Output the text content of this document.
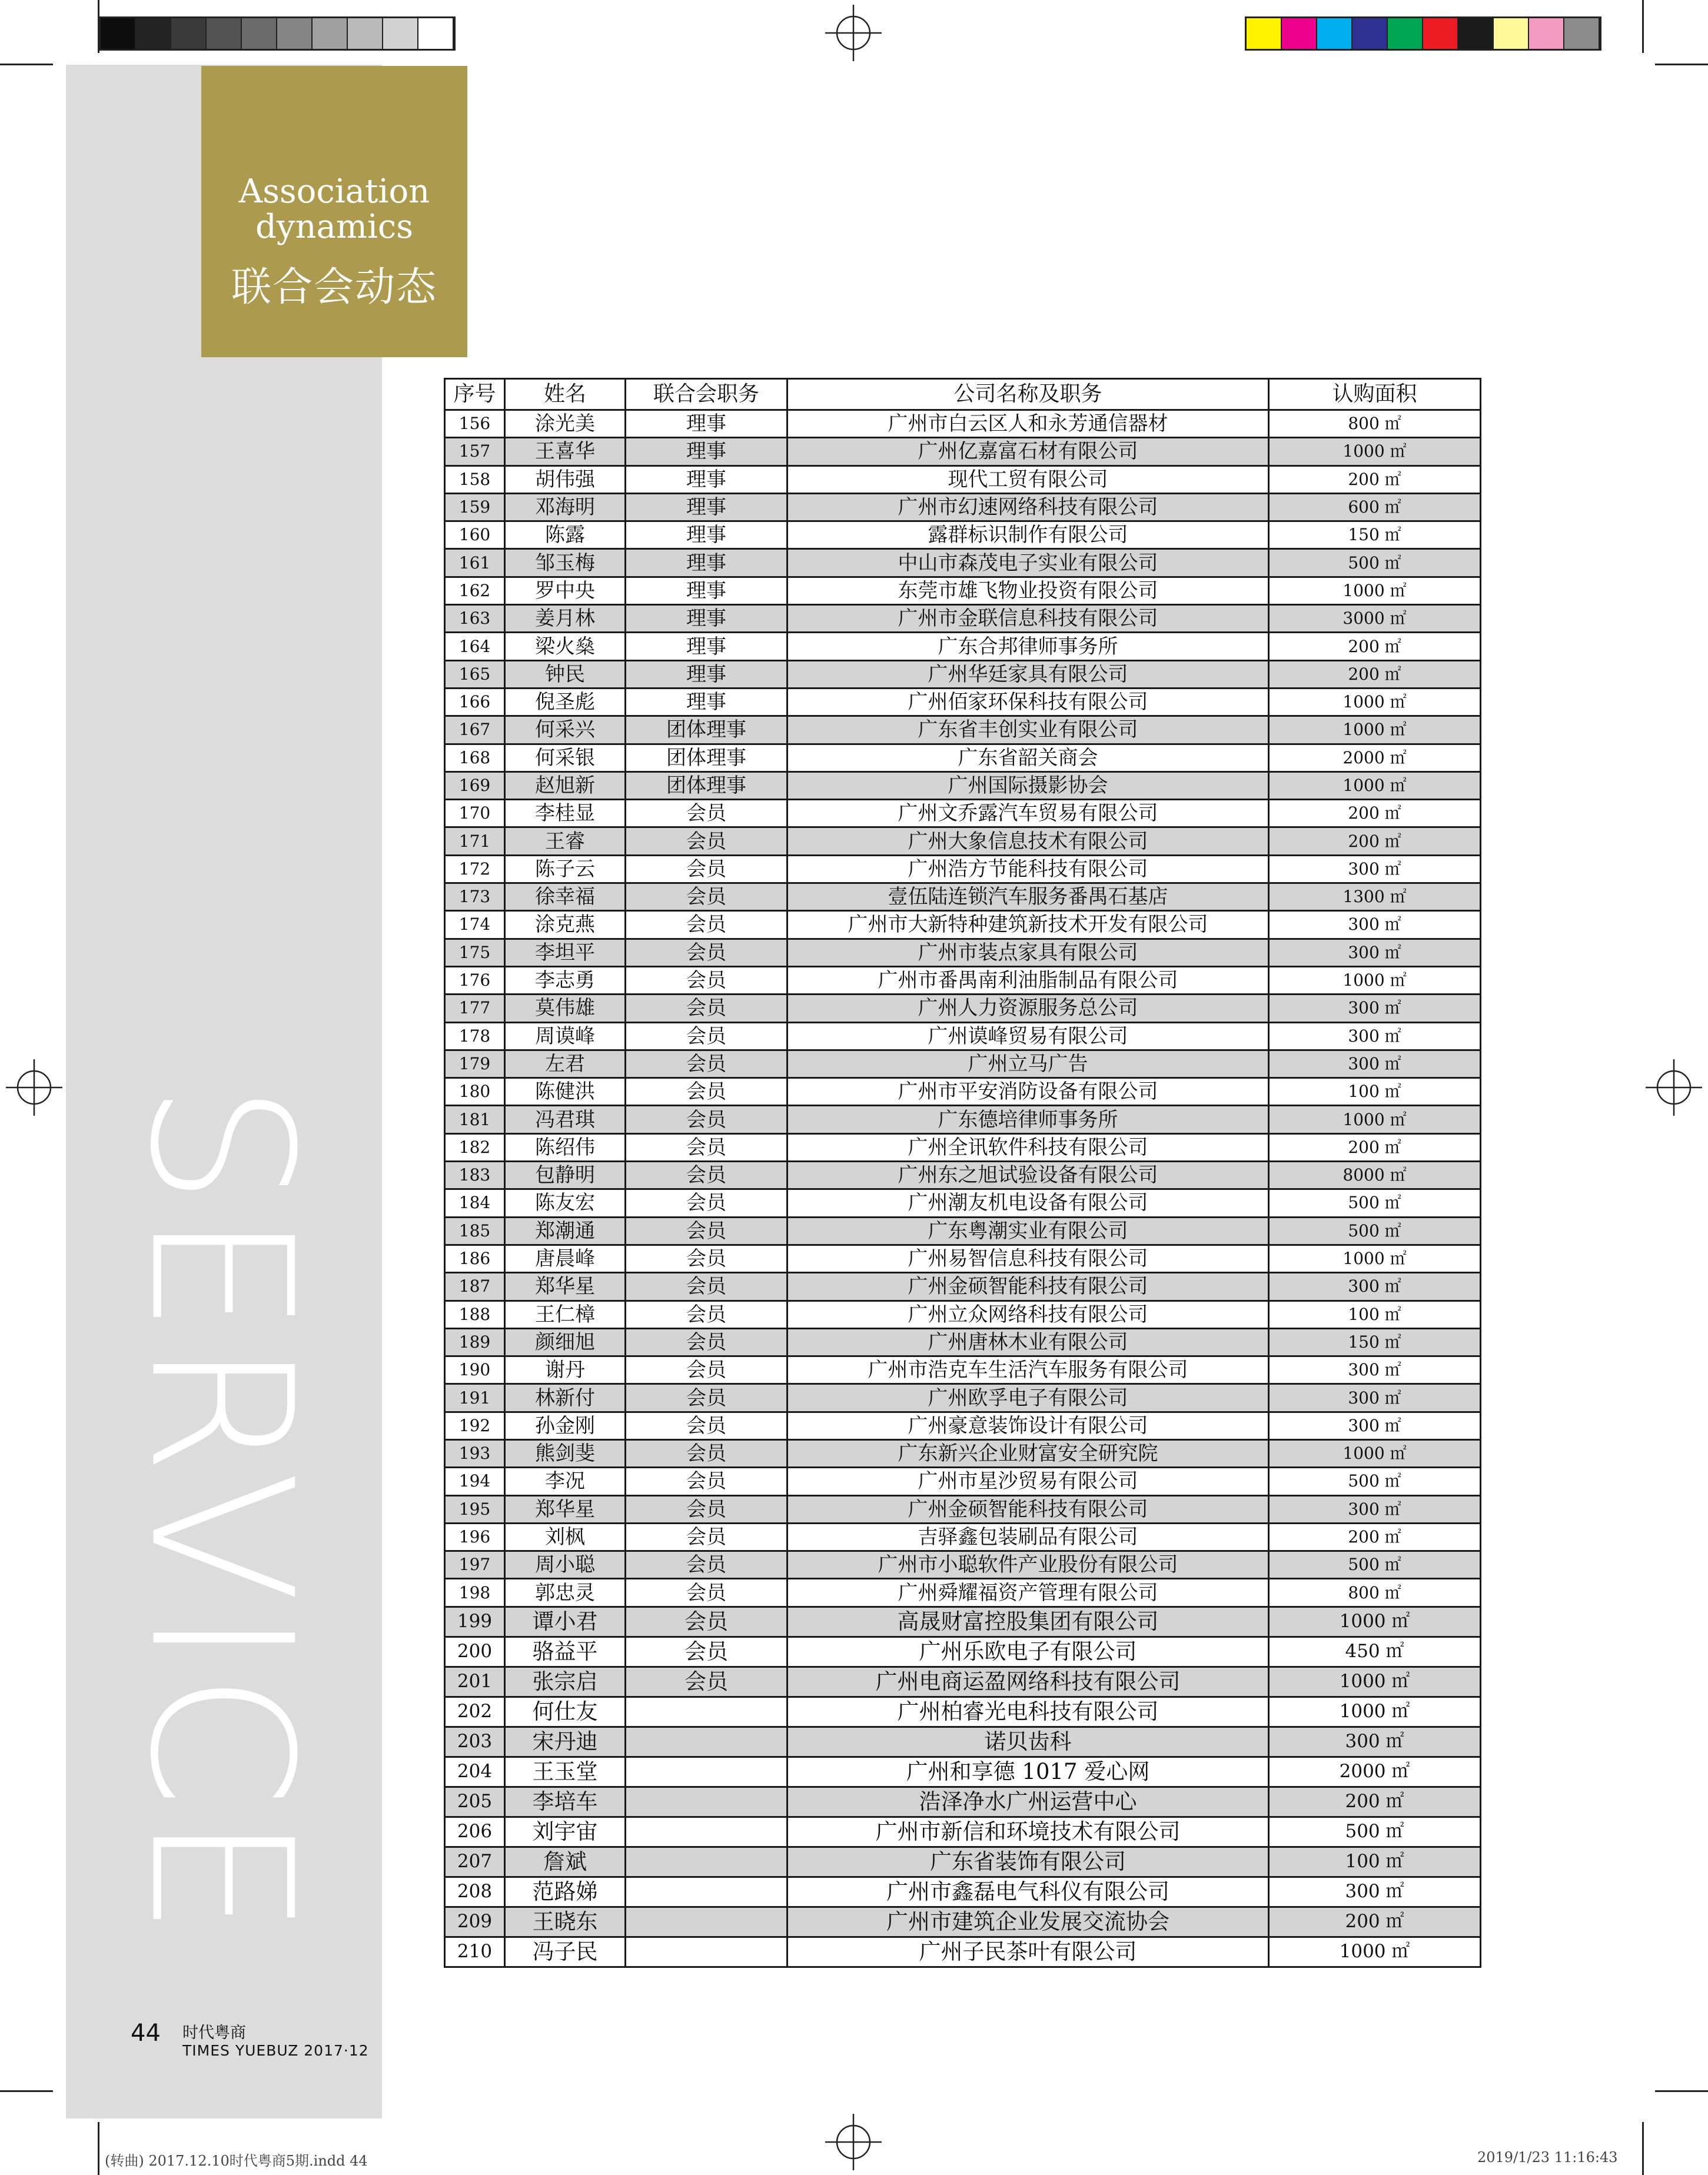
SERVICE
Association
dynamics
联合会动态
序号	姓名	联合会职务	公司名称及职务	认购面积
156	涂光美	理事	广州市白云区人和永芳通信器材	800 ㎡
157	王喜华	理事	广州亿嘉富石材有限公司	1000 ㎡
158	胡伟强	理事	现代工贸有限公司	200 ㎡
159	邓海明	理事	广州市幻速网络科技有限公司	600 ㎡
160	陈露	理事	露群标识制作有限公司	150 ㎡
161	邹玉梅	理事	中山市森茂电子实业有限公司	500 ㎡
162	罗中央	理事	东莞市雄飞物业投资有限公司	1000 ㎡
163	姜月林	理事	广州市金联信息科技有限公司	3000 ㎡
164	梁火燊	理事	广东合邦律师事务所	200 ㎡
165	钟民	理事	广州华廷家具有限公司	200 ㎡
166	倪圣彪	理事	广州佰家环保科技有限公司	1000 ㎡
167	何采兴	团体理事	广东省丰创实业有限公司	1000 ㎡
168	何采银	团体理事	广东省韶关商会	2000 ㎡
169	赵旭新	团体理事	广州国际摄影协会	1000 ㎡
170	李桂显	会员	广州文乔露汽车贸易有限公司	200 ㎡
171	王睿	会员	广州大象信息技术有限公司	200 ㎡
172	陈子云	会员	广州浩方节能科技有限公司	300 ㎡
173	徐幸福	会员	壹伍陆连锁汽车服务番禺石基店	1300 ㎡
174	涂克燕	会员	广州市大新特种建筑新技术开发有限公司	300 ㎡
175	李坦平	会员	广州市装点家具有限公司	300 ㎡
176	李志勇	会员	广州市番禺南利油脂制品有限公司	1000 ㎡
177	莫伟雄	会员	广州人力资源服务总公司	300 ㎡
178	周谟峰	会员	广州谟峰贸易有限公司	300 ㎡
179	左君	会员	广州立马广告	300 ㎡
180	陈健洪	会员	广州市平安消防设备有限公司	100 ㎡
181	冯君琪	会员	广东德培律师事务所	1000 ㎡
182	陈绍伟	会员	广州全讯软件科技有限公司	200 ㎡
183	包静明	会员	广州东之旭试验设备有限公司	8000 ㎡
184	陈友宏	会员	广州潮友机电设备有限公司	500 ㎡
185	郑潮通	会员	广东粤潮实业有限公司	500 ㎡
186	唐晨峰	会员	广州易智信息科技有限公司	1000 ㎡
187	郑华星	会员	广州金硕智能科技有限公司	300 ㎡
188	王仁樟	会员	广州立众网络科技有限公司	100 ㎡
189	颜细旭	会员	广州唐林木业有限公司	150 ㎡
190	谢丹	会员	广州市浩克车生活汽车服务有限公司	300 ㎡
191	林新付	会员	广州欧孚电子有限公司	300 ㎡
192	孙金刚	会员	广州豪意装饰设计有限公司	300 ㎡
193	熊剑斐	会员	广东新兴企业财富安全研究院	1000 ㎡
194	李况	会员	广州市星沙贸易有限公司	500 ㎡
195	郑华星	会员	广州金硕智能科技有限公司	300 ㎡
196	刘枫	会员	吉驿鑫包装刷品有限公司	200 ㎡
197	周小聪	会员	广州市小聪软件产业股份有限公司	500 ㎡
198	郭忠灵	会员	广州舜耀福资产管理有限公司	800 ㎡
199	谭小君	会员	高晟财富控股集团有限公司	1000 ㎡
200	骆益平	会员	广州乐欧电子有限公司	450 ㎡
201	张宗启	会员	广州电商运盈网络科技有限公司	1000 ㎡
202	何仕友		广州柏睿光电科技有限公司	1000 ㎡
203	宋丹迪		诺贝齿科	300 ㎡
204	王玉堂		广州和享德 1017 爱心网	2000 ㎡
205	李培车		浩泽净水广州运营中心	200 ㎡
206	刘宇宙		广州市新信和环境技术有限公司	500 ㎡
207	詹斌		广东省装饰有限公司	100 ㎡
208	范路娣		广州市鑫磊电气科仪有限公司	300 ㎡
209	王晓东		广州市建筑企业发展交流协会	200 ㎡
210	冯子民		广州子民茶叶有限公司	1000 ㎡
44 时代粤商
TIMES YUEBUZ 2017·12
(转曲) 2017.12.10时代粤商5期.indd 44	2019/1/23 11:16:43
